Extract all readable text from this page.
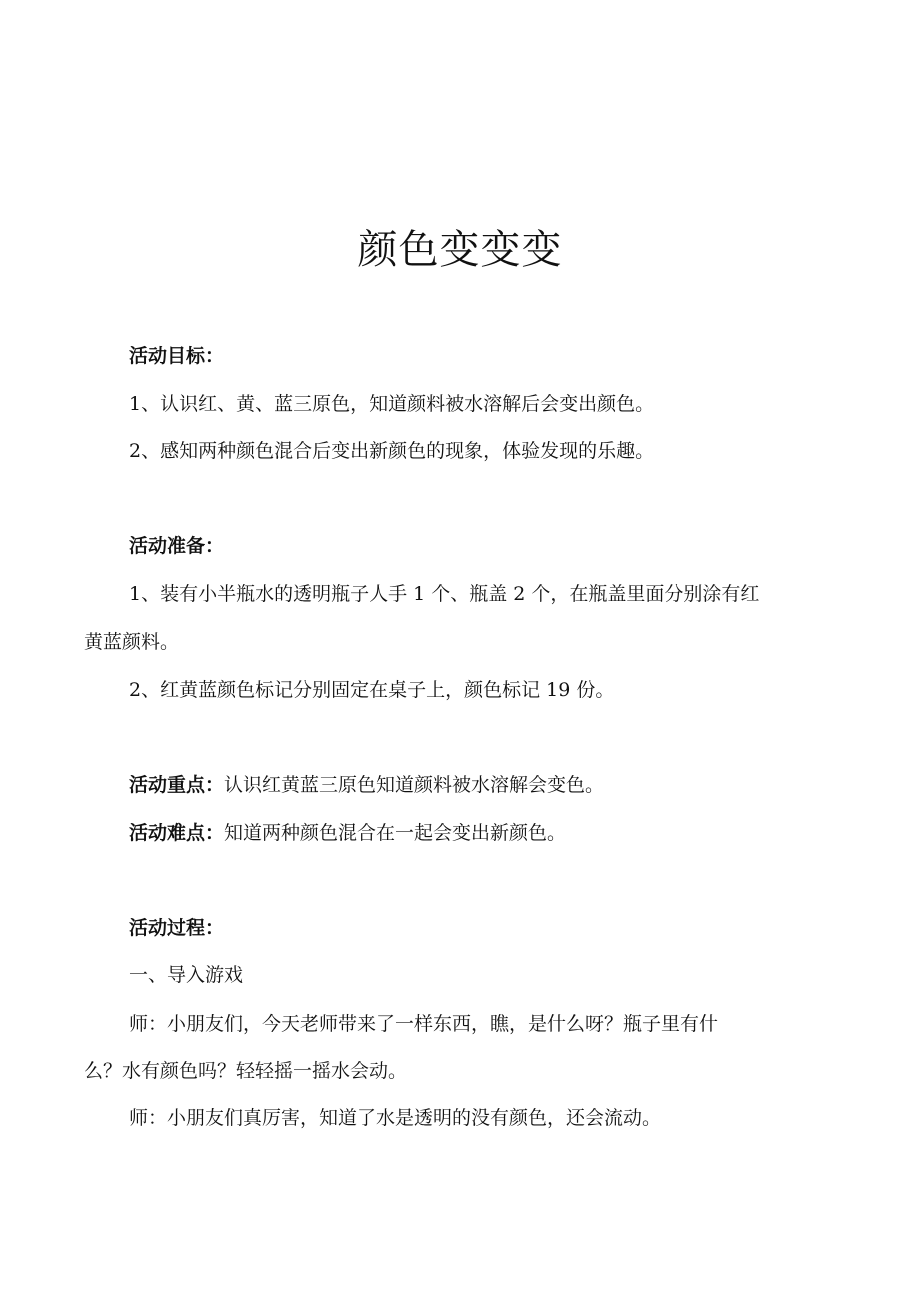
颜色变变变

活动目标：

1、认识红、黄、蓝三原色，知道颜料被水溶解后会变出颜色。

2、感知两种颜色混合后变出新颜色的现象，体验发现的乐趣。

活动准备：

1、装有小半瓶水的透明瓶子人手 1 个、瓶盖 2 个，在瓶盖里面分别涂有红

黄蓝颜料。

2、红黄蓝颜色标记分别固定在桌子上，颜色标记 19 份。

活动重点：认识红黄蓝三原色知道颜料被水溶解会变色。

活动难点：知道两种颜色混合在一起会变出新颜色。

活动过程：

一、导入游戏

师：小朋友们，今天老师带来了一样东西，瞧，是什么呀？瓶子里有什

么？水有颜色吗？轻轻摇一摇水会动。

师：小朋友们真厉害，知道了水是透明的没有颜色，还会流动。
